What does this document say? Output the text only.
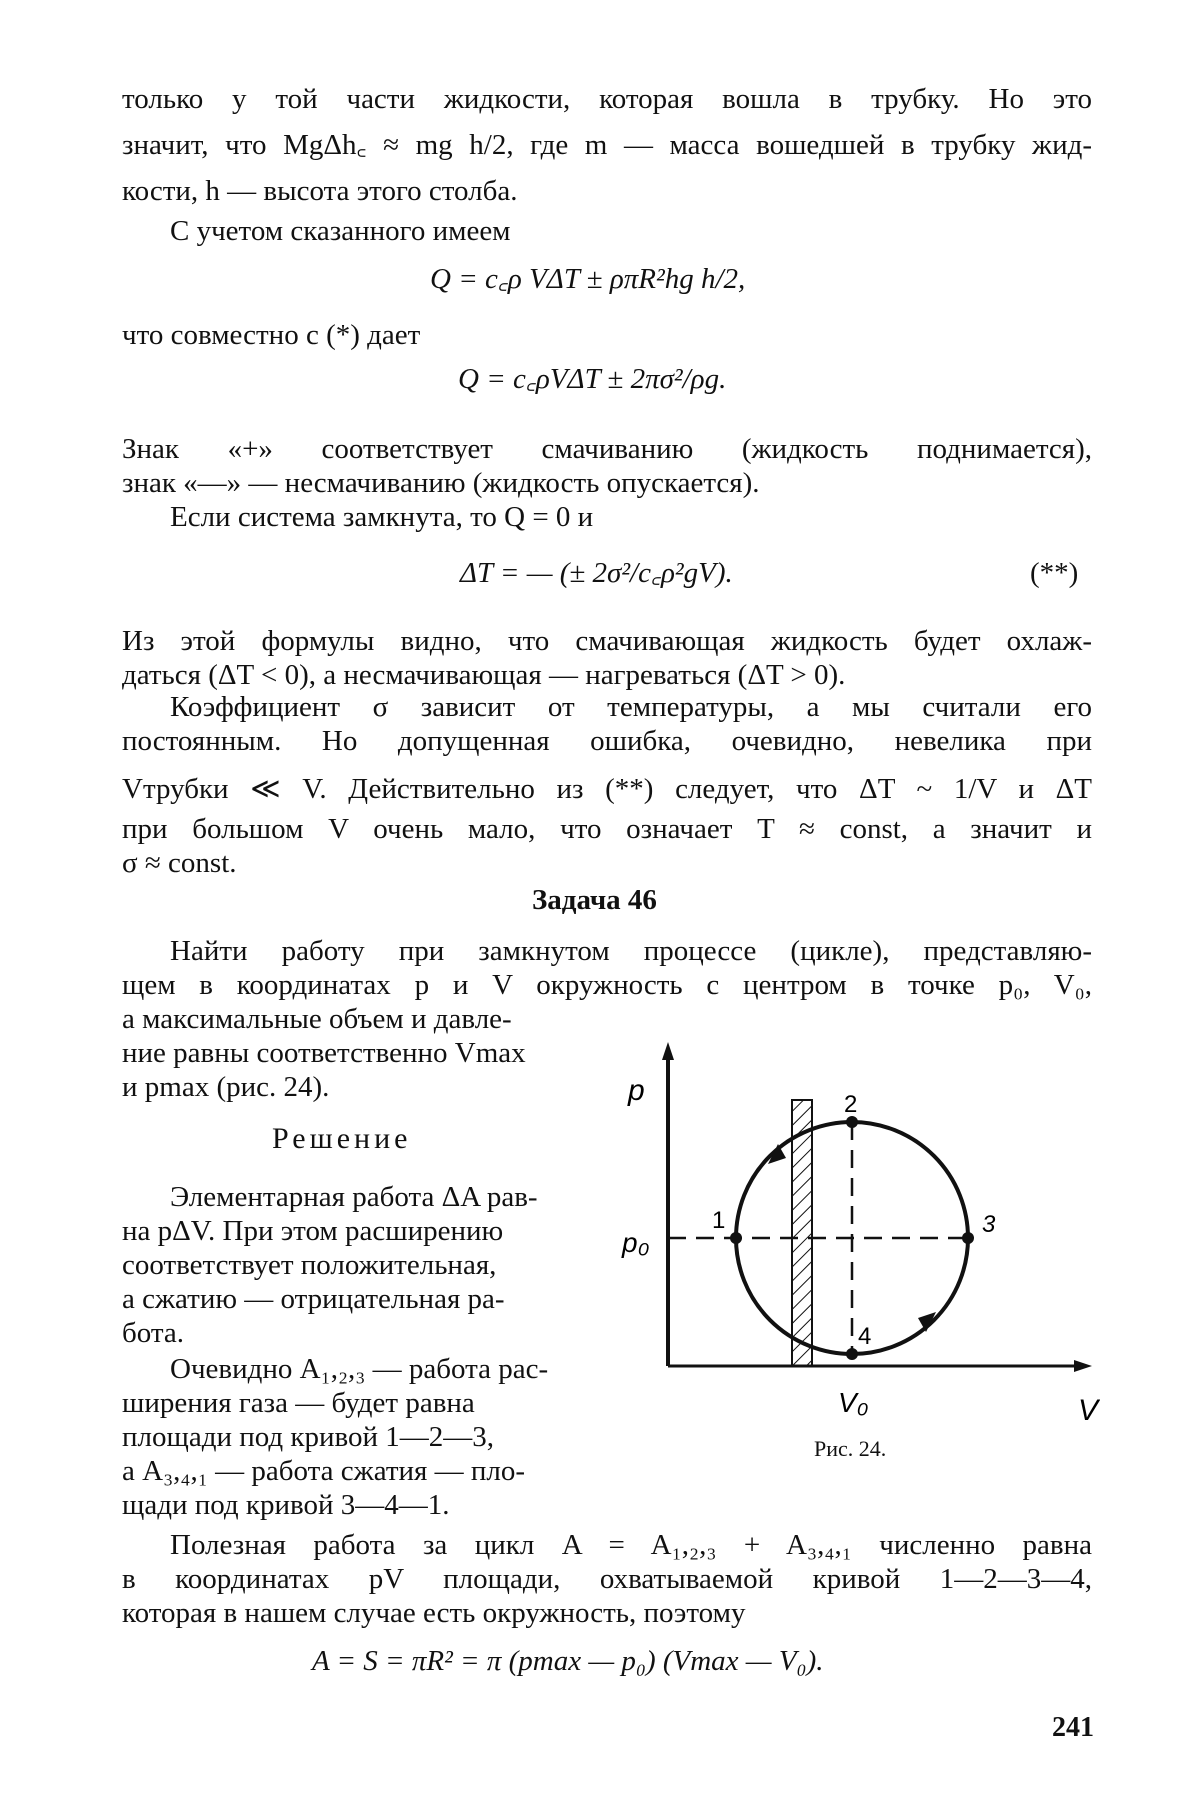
только у той части жидкости, которая вошла в трубку. Но это
значит, что MgΔh꜀ ≈ mg h/2, где m — масса вошедшей в трубку жид-
кости, h — высота этого столба.
С учетом сказанного имеем
Q = c꜀ρ VΔT ± ρπR²hg h/2,
что совместно с (*) дает
Q = c꜀ρVΔT ± 2πσ²/ρg.
Знак «+» соответствует смачиванию (жидкость поднимается),
знак «—» — несмачиванию (жидкость опускается).
Если система замкнута, то Q = 0 и
ΔT = — (± 2σ²/c꜀ρ²gV).	(**)
Из этой формулы видно, что смачивающая жидкость будет охлаж-
даться (ΔT < 0), а несмачивающая — нагреваться (ΔT > 0).
Коэффициент σ зависит от температуры, а мы считали его
постоянным. Но допущенная ошибка, очевидно, невелика при
Vтрубки ≪ V. Действительно из (**) следует, что ΔT ~ 1/V и ΔT
при большом V очень мало, что означает T ≈ const, а значит и
σ ≈ const.
Задача 46
Найти работу при замкнутом процессе (цикле), представляю-
щем в координатах p и V окружность с центром в точке p₀, V₀,
а максимальные объем и давле-
ние равны соответственно Vmax
и pmax (рис. 24).
Решение
Элементарная работа ΔA рав-
на pΔV. При этом расширению
соответствует положительная,
а сжатию — отрицательная ра-
бота.
Очевидно A₁,₂,₃ — работа рас-
ширения газа — будет равна
площади под кривой 1—2—3,
а A₃,₄,₁ — работа сжатия — пло-
щади под кривой 3—4—1.
p
V
p₀
V₀
1
2
3
4
Рис. 24.
Полезная работа за цикл A = A₁,₂,₃ + A₃,₄,₁ численно равна
в координатах pV площади, охватываемой кривой 1—2—3—4,
которая в нашем случае есть окружность, поэтому
A = S = πR² = π (pmax — p₀) (Vmax — V₀).
241
